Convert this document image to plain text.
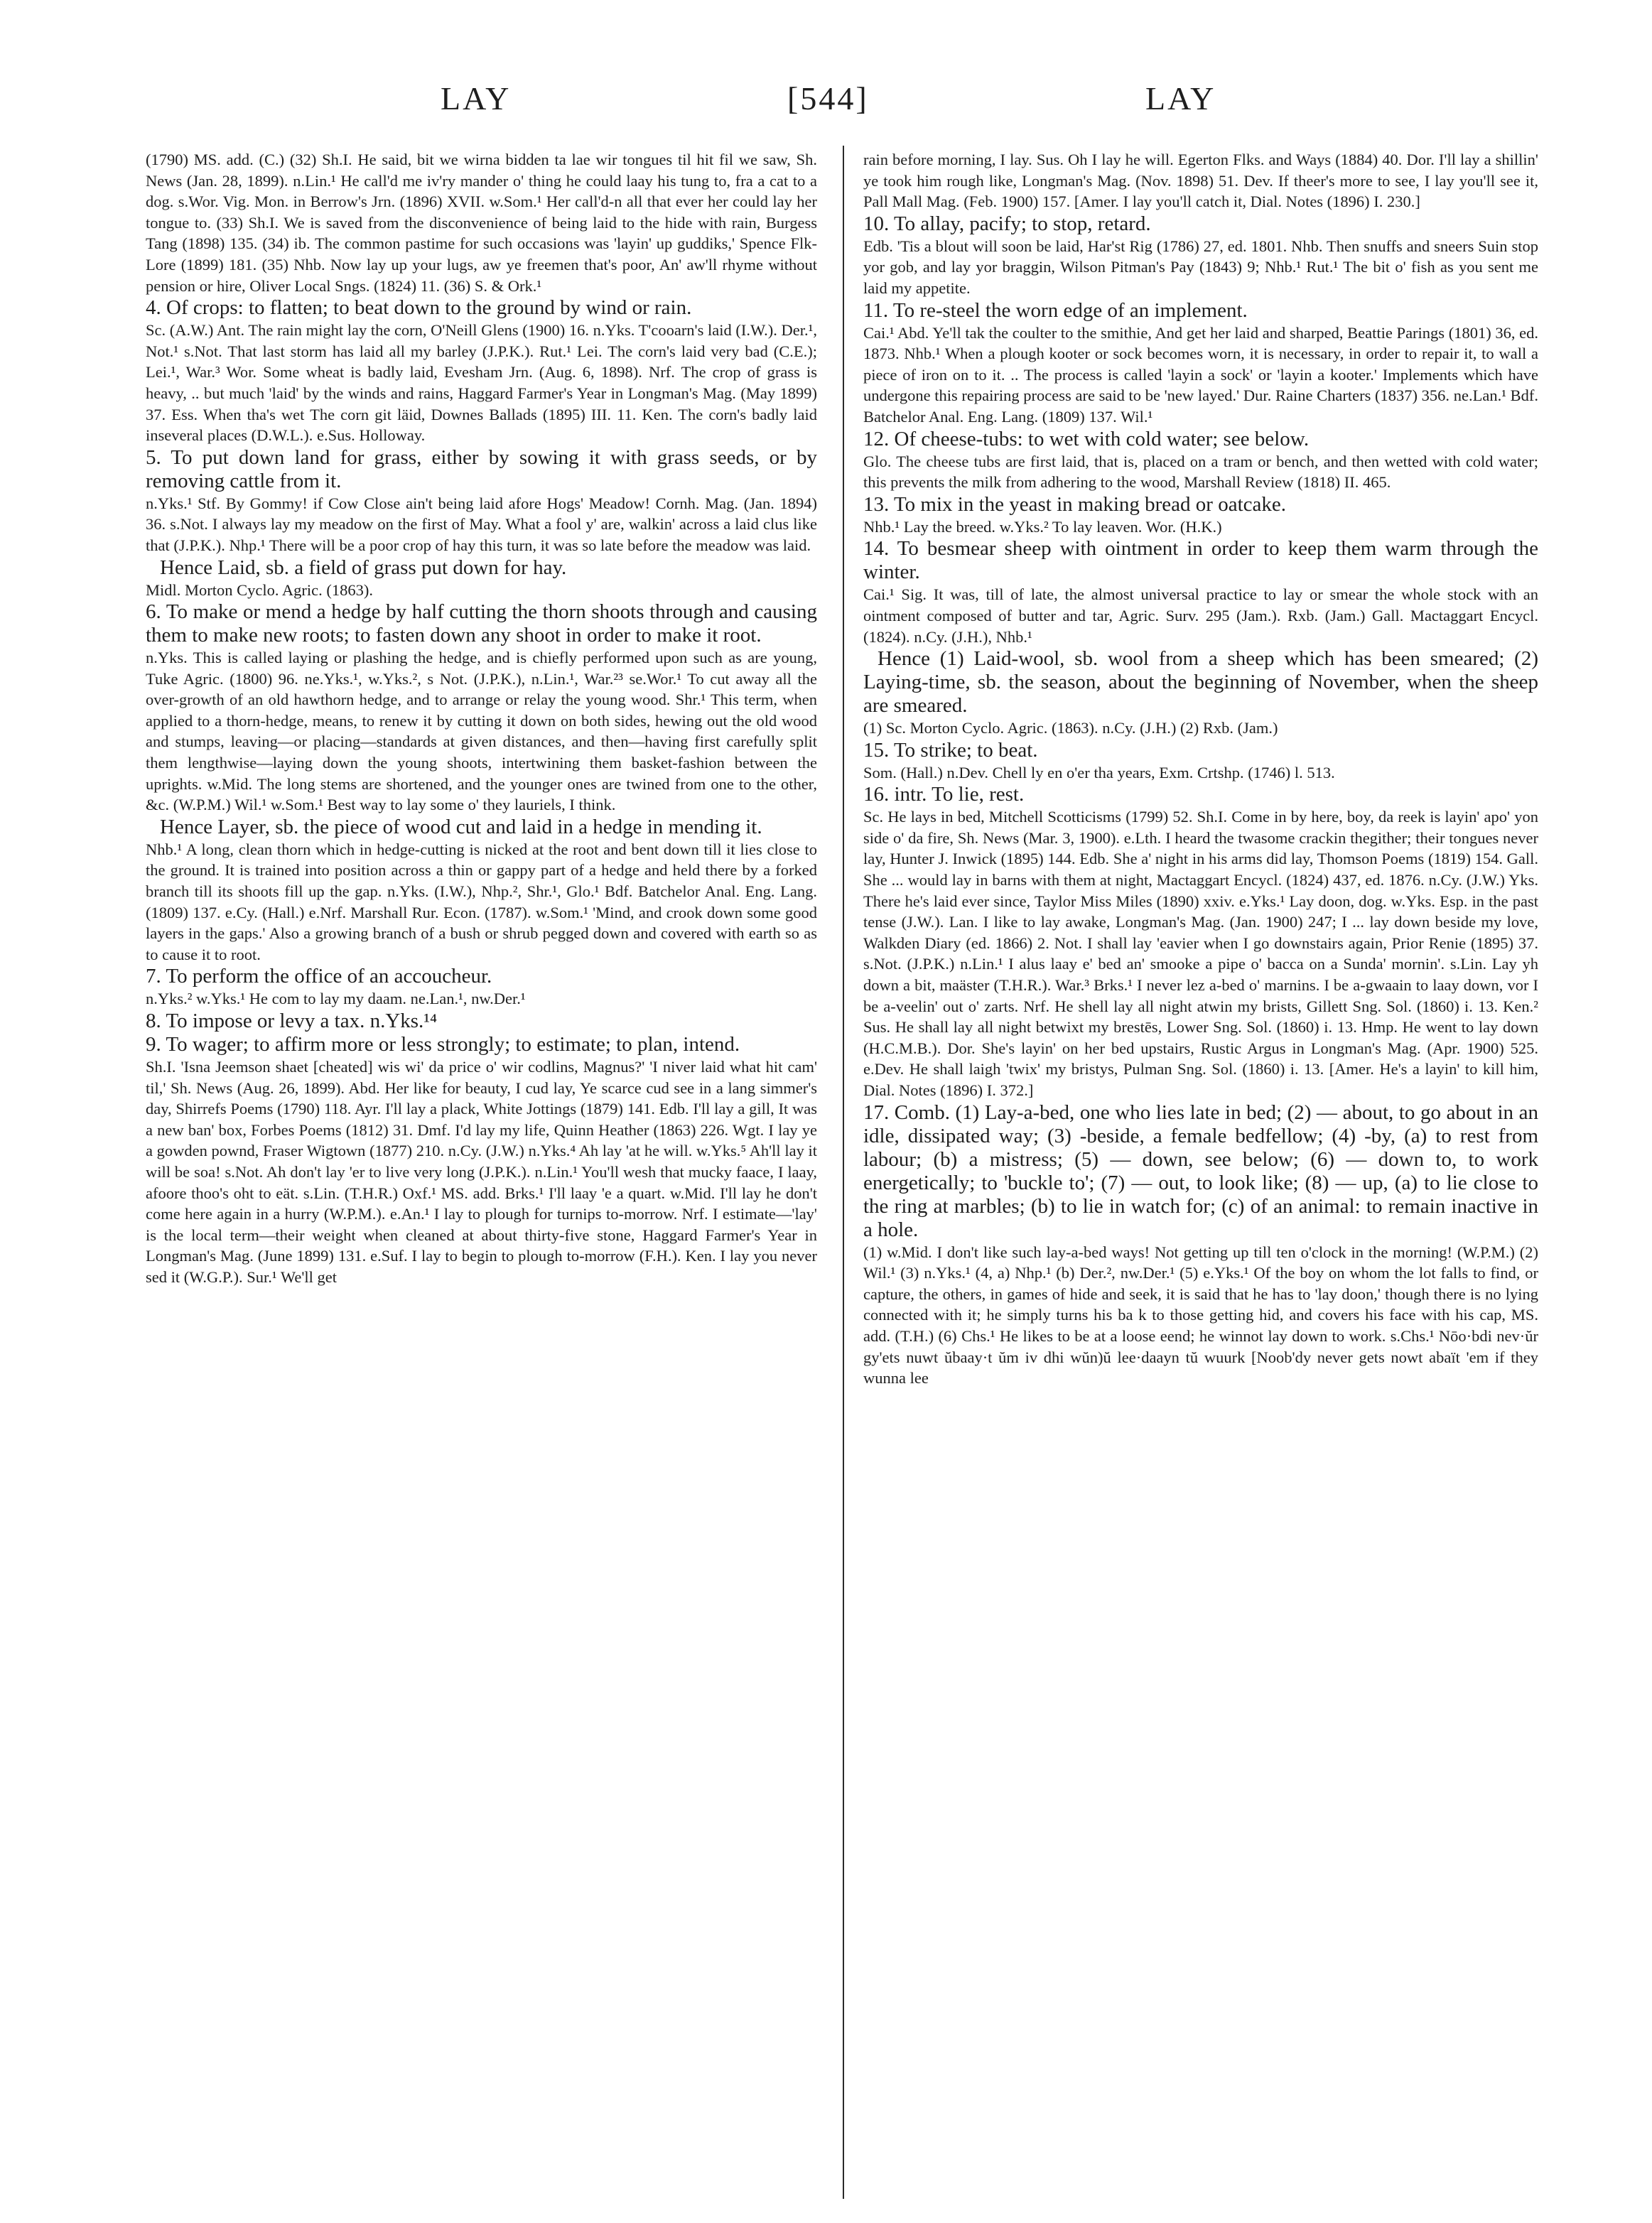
LAY	[544]	LAY

(1790) MS. add. (C.) (32) Sh.I. He said, bit we wirna bidden ta lae wir tongues til hit fil we saw, Sh. News (Jan. 28, 1899). n.Lin.¹ He call'd me iv'ry mander o' thing he could laay his tung to, fra a cat to a dog. s.Wor. Vig. Mon. in Berrow's Jrn. (1896) XVII. w.Som.¹ Her call'd-n all that ever her could lay her tongue to. (33) Sh.I. We is saved from the disconvenience of being laid to the hide with rain, Burgess Tang (1898) 135. (34) ib. The common pastime for such occasions was 'layin' up guddiks,' Spence Flk-Lore (1899) 181. (35) Nhb. Now lay up your lugs, aw ye freemen that's poor, An' aw'll rhyme without pension or hire, Oliver Local Sngs. (1824) 11. (36) S. & Ork.¹

4. Of crops: to flatten; to beat down to the ground by wind or rain.

Sc. (A.W.) Ant. The rain might lay the corn, O'Neill Glens (1900) 16. n.Yks. T'cooarn's laid (I.W.). Der.¹, Not.¹ s.Not. That last storm has laid all my barley (J.P.K.). Rut.¹ Lei. The corn's laid very bad (C.E.); Lei.¹, War.³ Wor. Some wheat is badly laid, Evesham Jrn. (Aug. 6, 1898). Nrf. The crop of grass is heavy, .. but much 'laid' by the winds and rains, Haggard Farmer's Year in Longman's Mag. (May 1899) 37. Ess. When tha's wet The corn git läid, Downes Ballads (1895) III. 11. Ken. The corn's badly laid inseveral places (D.W.L.). e.Sus. Holloway.

5. To put down land for grass, either by sowing it with grass seeds, or by removing cattle from it.

n.Yks.¹ Stf. By Gommy! if Cow Close ain't being laid afore Hogs' Meadow! Cornh. Mag. (Jan. 1894) 36. s.Not. I always lay my meadow on the first of May. What a fool y' are, walkin' across a laid clus like that (J.P.K.). Nhp.¹ There will be a poor crop of hay this turn, it was so late before the meadow was laid.

Hence Laid, sb. a field of grass put down for hay.

Midl. Morton Cyclo. Agric. (1863).

6. To make or mend a hedge by half cutting the thorn shoots through and causing them to make new roots; to fasten down any shoot in order to make it root.

n.Yks. This is called laying or plashing the hedge, and is chiefly performed upon such as are young, Tuke Agric. (1800) 96. ne.Yks.¹, w.Yks.², s Not. (J.P.K.), n.Lin.¹, War.²³ se.Wor.¹ To cut away all the over-growth of an old hawthorn hedge, and to arrange or relay the young wood. Shr.¹ This term, when applied to a thorn-hedge, means, to renew it by cutting it down on both sides, hewing out the old wood and stumps, leaving—or placing—standards at given distances, and then—having first carefully split them lengthwise—laying down the young shoots, intertwining them basket-fashion between the uprights. w.Mid. The long stems are shortened, and the younger ones are twined from one to the other, &c. (W.P.M.) Wil.¹ w.Som.¹ Best way to lay some o' they lauriels, I think.

Hence Layer, sb. the piece of wood cut and laid in a hedge in mending it.

Nhb.¹ A long, clean thorn which in hedge-cutting is nicked at the root and bent down till it lies close to the ground. It is trained into position across a thin or gappy part of a hedge and held there by a forked branch till its shoots fill up the gap. n.Yks. (I.W.), Nhp.², Shr.¹, Glo.¹ Bdf. Batchelor Anal. Eng. Lang. (1809) 137. e.Cy. (Hall.) e.Nrf. Marshall Rur. Econ. (1787). w.Som.¹ 'Mind, and crook down some good layers in the gaps.' Also a growing branch of a bush or shrub pegged down and covered with earth so as to cause it to root.

7. To perform the office of an accoucheur.

n.Yks.² w.Yks.¹ He com to lay my daam. ne.Lan.¹, nw.Der.¹

8. To impose or levy a tax. n.Yks.¹⁴

9. To wager; to affirm more or less strongly; to estimate; to plan, intend.

Sh.I. 'Isna Jeemson shaet [cheated] wis wi' da price o' wir codlins, Magnus?' 'I niver laid what hit cam' til,' Sh. News (Aug. 26, 1899). Abd. Her like for beauty, I cud lay, Ye scarce cud see in a lang simmer's day, Shirrefs Poems (1790) 118. Ayr. I'll lay a plack, White Jottings (1879) 141. Edb. I'll lay a gill, It was a new ban' box, Forbes Poems (1812) 31. Dmf. I'd lay my life, Quinn Heather (1863) 226. Wgt. I lay ye a gowden pownd, Fraser Wigtown (1877) 210. n.Cy. (J.W.) n.Yks.⁴ Ah lay 'at he will. w.Yks.⁵ Ah'll lay it will be soa! s.Not. Ah don't lay 'er to live very long (J.P.K.). n.Lin.¹ You'll wesh that mucky faace, I laay, afoore thoo's oht to eät. s.Lin. (T.H.R.) Oxf.¹ MS. add. Brks.¹ I'll laay 'e a quart. w.Mid. I'll lay he don't come here again in a hurry (W.P.M.). e.An.¹ I lay to plough for turnips to-morrow. Nrf. I estimate—'lay' is the local term—their weight when cleaned at about thirty-five stone, Haggard Farmer's Year in Longman's Mag. (June 1899) 131. e.Suf. I lay to begin to plough to-morrow (F.H.). Ken. I lay you never sed it (W.G.P.). Sur.¹ We'll get

rain before morning, I lay. Sus. Oh I lay he will. Egerton Flks. and Ways (1884) 40. Dor. I'll lay a shillin' ye took him rough like, Longman's Mag. (Nov. 1898) 51. Dev. If theer's more to see, I lay you'll see it, Pall Mall Mag. (Feb. 1900) 157. [Amer. I lay you'll catch it, Dial. Notes (1896) I. 230.]

10. To allay, pacify; to stop, retard.

Edb. 'Tis a blout will soon be laid, Har'st Rig (1786) 27, ed. 1801. Nhb. Then snuffs and sneers Suin stop yor gob, and lay yor braggin, Wilson Pitman's Pay (1843) 9; Nhb.¹ Rut.¹ The bit o' fish as you sent me laid my appetite.

11. To re-steel the worn edge of an implement.

Cai.¹ Abd. Ye'll tak the coulter to the smithie, And get her laid and sharped, Beattie Parings (1801) 36, ed. 1873. Nhb.¹ When a plough kooter or sock becomes worn, it is necessary, in order to repair it, to wall a piece of iron on to it. .. The process is called 'layin a sock' or 'layin a kooter.' Implements which have undergone this repairing process are said to be 'new layed.' Dur. Raine Charters (1837) 356. ne.Lan.¹ Bdf. Batchelor Anal. Eng. Lang. (1809) 137. Wil.¹

12. Of cheese-tubs: to wet with cold water; see below.

Glo. The cheese tubs are first laid, that is, placed on a tram or bench, and then wetted with cold water; this prevents the milk from adhering to the wood, Marshall Review (1818) II. 465.

13. To mix in the yeast in making bread or oatcake.

Nhb.¹ Lay the breed. w.Yks.² To lay leaven. Wor. (H.K.)

14. To besmear sheep with ointment in order to keep them warm through the winter.

Cai.¹ Sig. It was, till of late, the almost universal practice to lay or smear the whole stock with an ointment composed of butter and tar, Agric. Surv. 295 (Jam.). Rxb. (Jam.) Gall. Mactaggart Encycl. (1824). n.Cy. (J.H.), Nhb.¹

Hence (1) Laid-wool, sb. wool from a sheep which has been smeared; (2) Laying-time, sb. the season, about the beginning of November, when the sheep are smeared.

(1) Sc. Morton Cyclo. Agric. (1863). n.Cy. (J.H.) (2) Rxb. (Jam.)

15. To strike; to beat.

Som. (Hall.) n.Dev. Chell ly en o'er tha years, Exm. Crtshp. (1746) l. 513.

16. intr. To lie, rest.

Sc. He lays in bed, Mitchell Scotticisms (1799) 52. Sh.I. Come in by here, boy, da reek is layin' apo' yon side o' da fire, Sh. News (Mar. 3, 1900). e.Lth. I heard the twasome crackin thegither; their tongues never lay, Hunter J. Inwick (1895) 144. Edb. She a' night in his arms did lay, Thomson Poems (1819) 154. Gall. She ... would lay in barns with them at night, Mactaggart Encycl. (1824) 437, ed. 1876. n.Cy. (J.W.) Yks. There he's laid ever since, Taylor Miss Miles (1890) xxiv. e.Yks.¹ Lay doon, dog. w.Yks. Esp. in the past tense (J.W.). Lan. I like to lay awake, Longman's Mag. (Jan. 1900) 247; I ... lay down beside my love, Walkden Diary (ed. 1866) 2. Not. I shall lay 'eavier when I go downstairs again, Prior Renie (1895) 37. s.Not. (J.P.K.) n.Lin.¹ I alus laay e' bed an' smooke a pipe o' bacca on a Sunda' mornin'. s.Lin. Lay yh down a bit, maäster (T.H.R.). War.³ Brks.¹ I never lez a-bed o' marnins. I be a-gwaain to laay down, vor I be a-veelin' out o' zarts. Nrf. He shell lay all night atwin my brists, Gillett Sng. Sol. (1860) i. 13. Ken.² Sus. He shall lay all night betwixt my brestēs, Lower Sng. Sol. (1860) i. 13. Hmp. He went to lay down (H.C.M.B.). Dor. She's layin' on her bed upstairs, Rustic Argus in Longman's Mag. (Apr. 1900) 525. e.Dev. He shall laigh 'twix' my bristys, Pulman Sng. Sol. (1860) i. 13. [Amer. He's a layin' to kill him, Dial. Notes (1896) I. 372.]

17. Comb. (1) Lay-a-bed, one who lies late in bed; (2) — about, to go about in an idle, dissipated way; (3) -beside, a female bedfellow; (4) -by, (a) to rest from labour; (b) a mistress; (5) — down, see below; (6) — down to, to work energetically; to 'buckle to'; (7) — out, to look like; (8) — up, (a) to lie close to the ring at marbles; (b) to lie in watch for; (c) of an animal: to remain inactive in a hole.

(1) w.Mid. I don't like such lay-a-bed ways! Not getting up till ten o'clock in the morning! (W.P.M.) (2) Wil.¹ (3) n.Yks.¹ (4, a) Nhp.¹ (b) Der.², nw.Der.¹ (5) e.Yks.¹ Of the boy on whom the lot falls to find, or capture, the others, in games of hide and seek, it is said that he has to 'lay doon,' though there is no lying connected with it; he simply turns his ba k to those getting hid, and covers his face with his cap, MS. add. (T.H.) (6) Chs.¹ He likes to be at a loose eend; he winnot lay down to work. s.Chs.¹ Nōo·bdi nev·ŭr gy'ets nuwt ŭbaay·t ŭm iv dhi wŭn)ŭ lee·daayn tŭ wuurk [Noob'dy never gets nowt abaït 'em if they wunna lee
